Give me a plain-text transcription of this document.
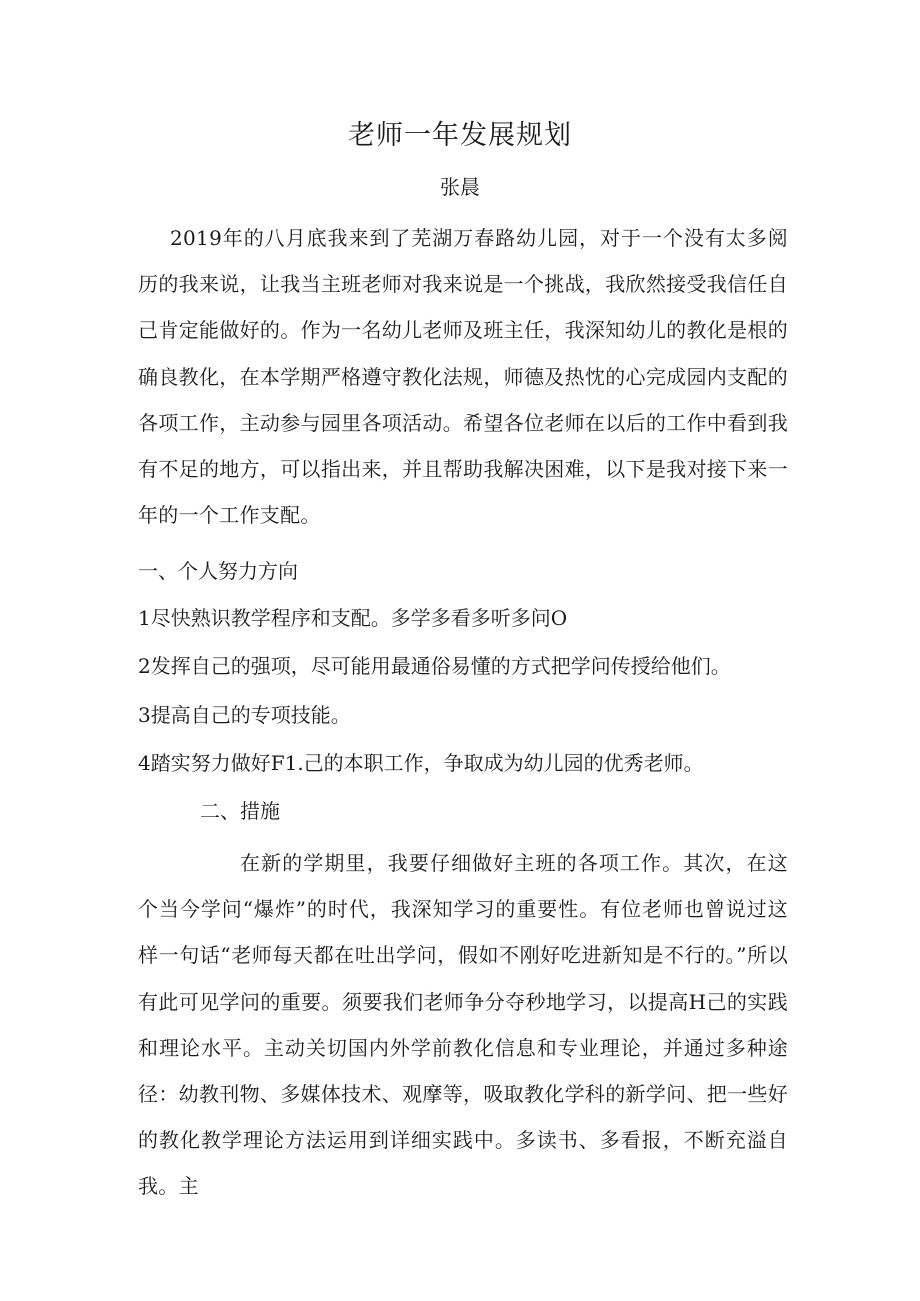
老师一年发展规划
张晨

2019年的八月底我来到了芜湖万春路幼儿园，对于一个没有太多阅历的我来说，让我当主班老师对我来说是一个挑战，我欣然接受我信任自己肯定能做好的。作为一名幼儿老师及班主任，我深知幼儿的教化是根的确良教化，在本学期严格遵守教化法规，师德及热忱的心完成园内支配的各项工作，主动参与园里各项活动。希望各位老师在以后的工作中看到我有不足的地方，可以指出来，并且帮助我解决困难，以下是我对接下来一年的一个工作支配。

一、个人努力方向

1尽快熟识教学程序和支配。多学多看多听多问O

2发挥自己的强项，尽可能用最通俗易懂的方式把学问传授给他们。

3提高自己的专项技能。

4踏实努力做好F1.己的本职工作，争取成为幼儿园的优秀老师。

二、措施

在新的学期里，我要仔细做好主班的各项工作。其次，在这个当今学问“爆炸”的时代，我深知学习的重要性。有位老师也曾说过这样一句话“老师每天都在吐出学问，假如不刚好吃进新知是不行的。”所以有此可见学问的重要。须要我们老师争分夺秒地学习，以提高H己的实践和理论水平。主动关切国内外学前教化信息和专业理论，并通过多种途径：幼教刊物、多媒体技术、观摩等，吸取教化学科的新学问、把一些好的教化教学理论方法运用到详细实践中。多读书、多看报，不断充溢自我。主
